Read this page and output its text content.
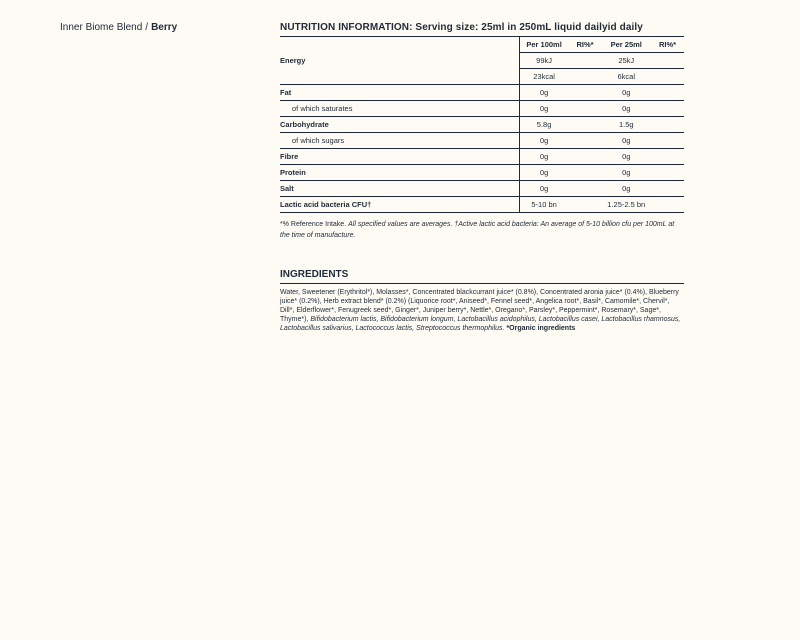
Inner Biome Blend / Berry	NUTRITION INFORMATION: Serving size: 25ml in 250mL liquid dailyid daily
	Per 100ml	RI%*	Per 25ml	RI%*
Energy	99kJ		25kJ	
	23kcal		6kcal	
Fat	0g		0g	
of which saturates	0g		0g	
Carbohydrate	5.8g		1.5g	
of which sugars	0g		0g	
Fibre	0g		0g	
Protein	0g		0g	
Salt	0g		0g	
Lactic acid bacteria CFU†	5-10 bn		1.25-2.5 bn	
*% Reference Intake. All specified values are averages. †Active lactic acid bacteria: An average of 5-10 billion cfu per 100mL at the time of manufacture.
INGREDIENTS
Water, Sweetener (Erythritol*), Molasses*, Concentrated blackcurrant juice* (0.8%), Concentrated aronia juice* (0.4%), Blueberry juice* (0.2%), Herb extract blend* (0.2%) (Liquorice root*, Aniseed*, Fennel seed*, Angelica root*, Basil*, Camomile*, Chervil*, Dill*, Elderflower*, Fenugreek seed*, Ginger*, Juniper berry*, Nettle*, Oregano*, Parsley*, Peppermint*, Rosemary*, Sage*, Thyme*), Bifidobacterium lactis, Bifidobacterium longum, Lactobacillus acidophilus, Lactobacillus casei, Lactobacillus rhamnosus, Lactobacillus salivarius, Lactococcus lactis, Streptococcus thermophilus. *Organic ingredients
